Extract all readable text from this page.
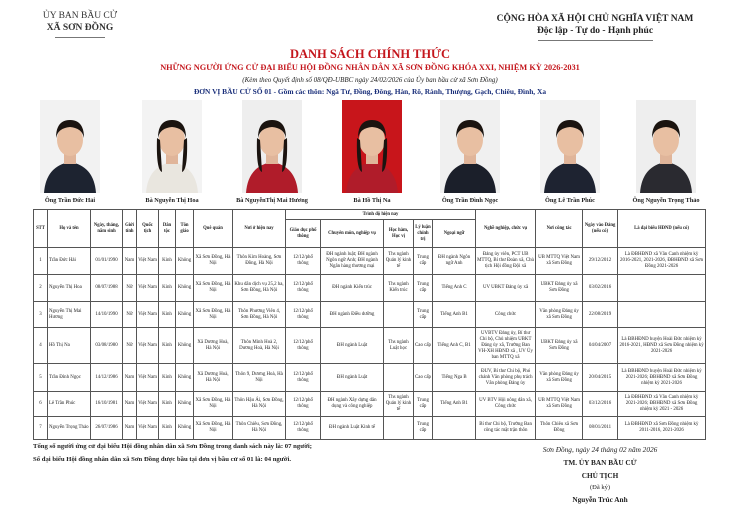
ỦY BAN BẦU CỬ
XÃ SƠN ĐỒNG
CỘNG HÒA XÃ HỘI CHỦ NGHĨA VIỆT NAM
Độc lập - Tự do - Hạnh phúc
DANH SÁCH CHÍNH THỨC
NHỮNG NGƯỜI ỨNG CỬ ĐẠI BIỂU HỘI ĐỒNG NHÂN DÂN XÃ SƠN ĐỒNG KHÓA XXI, NHIỆM KỲ 2026-2031
(Kèm theo Quyết định số 08/QĐ-UBBC ngày 24/02/2026 của Ủy ban bầu cử xã Sơn Đồng)
ĐƠN VỊ BẦU CỬ SỐ 01 - Gồm các thôn: Ngã Tư, Đồng, Đông, Hàn, Rô, Rành, Thượng, Gạch, Chiêu, Đình, Xa
Ông Trần Đức Hải	Bà Nguyễn Thị Hoa	Bà NguyễnThị Mai Hương	Bà Hồ Thị Na	Ông Trần Đình Ngọc	Ông Lê Trần Phúc	Ông Nguyễn Trọng Thảo
STT	Họ và tên	Ngày, tháng, năm sinh	Giới tính	Quốc tịch	Dân tộc	Tôn giáo	Quê quán	Nơi ở hiện nay	Trình độ hiện nay					Nghề nghiệp, chức vụ	Nơi công tác	Ngày vào Đảng (nếu có)	Là đại biểu HĐND (nếu có)
									Giáo dục phổ thông	Chuyên môn, nghiệp vụ	Học hàm, Học vị	Lý luận chính trị	Ngoại ngữ				
1	Trần Đức Hải	01/01/1990	Nam	Việt Nam	Kinh	Không	Xã Sơn Đồng, Hà Nội	Thôn Kim Hoàng, Sơn Đồng, Hà Nội	12/12/phổ thông	ĐH ngành luật; ĐH ngành Ngôn ngữ Anh; ĐH ngành Ngân hàng thương mại	Ths ngành Quản lý kinh tế	Trung cấp	ĐH ngành Ngôn ngữ Anh	Đảng ủy viên, PCT UB MTTQ, Bí thư Đoàn xã, Chủ tịch Hội đồng Đội xã	UB MTTQ Việt Nam xã Sơn Đồng	29/12/2012	Là ĐBHĐND xã Vân Canh nhiệm kỳ 2016-2021, 2021-2026, ĐBHĐND xã Sơn Đồng 2021-2026
2	Nguyễn Thị Hoa	08/07/1988	Nữ	Việt Nam	Kinh	Không	Xã Sơn Đồng, Hà Nội	Khu dãn dịch vụ 25,2 ha, Sơn Đồng, Hà Nội	12/12/phổ thông	ĐH ngành Kiến trúc	Ths ngành Kiến trúc	Trung cấp	Tiếng Anh C	UV UBKT Đảng ủy xã	UBKT Đảng ủy xã Sơn Đồng	03/02/2016	
3	Nguyễn Thị Mai Hương	14/10/1990	Nữ	Việt Nam	Kinh	Không	Xã Sơn Đồng, Hà Nội	Thôn Phương Viên 4, Sơn Đồng, Hà Nội	12/12/phổ thông	ĐH ngành Điều dưỡng		Trung cấp	Tiếng Anh B1	Công chức	Văn phòng Đảng ủy xã Sơn Đồng	22/08/2019	
4	Hồ Thị Na	03/08/1980	Nữ	Việt Nam	Kinh	Không	Xã Dương Hoà, Hà Nội	Thôn Minh Hoà 2, Dương Hoà, Hà Nội	12/12/phổ thông	ĐH ngành Luật	Ths ngành Luật học	Cao cấp	Tiếng Anh C, B1	UVBTV Đảng ủy, Bí thư Chi bộ, Chủ nhiệm UBKT Đảng ủy xã, Trưởng Ban VH-XH HĐND xã , UV Ủy ban MTTQ xã	UBKT Đảng ủy xã Sơn Đồng	04/04/2007	Là ĐBHĐND huyện Hoài Đức nhiệm kỳ 2016-2021, HĐND xã Sơn Đồng nhiệm kỳ 2021-2026
5	Trần Đình Ngọc	14/12/1986	Nam	Việt Nam	Kinh	Không	Xã Dương Hoà, Hà Nội	Thôn 9, Dương Hoà, Hà Nội	12/12/phổ thông	ĐH ngành Luật		Cao cấp	Tiếng Nga B	ĐUV, Bí thư Chi bộ, Phó chánh Văn phòng phụ trách Văn phòng Đảng ủy	Văn phòng Đảng ủy xã Sơn Đồng	20/04/2015	Là ĐBHĐND huyện Hoài Đức nhiệm kỳ 2021-2026; ĐBHĐND xã Sơn Đồng nhiệm kỳ 2021-2026
6	Lê Trần Phúc	16/10/1981	Nam	Việt Nam	Kinh	Không	Xã Sơn Đồng, Hà Nội	Thôn Hậu Ái, Sơn Đồng, Hà Nội	12/12/phổ thông	ĐH ngành Xây dựng dân dụng và công nghiệp	Ths ngành Quản lý kinh tế	Trung cấp	Tiếng Anh B1	UV BTV Hội nông dân xã, Công chức	UB MTTQ Việt Nam xã Sơn Đồng	03/12/2016	Là ĐBHĐND xã Vân Canh nhiệm kỳ 2021-2026; ĐBHĐND xã Sơn Đồng nhiệm kỳ 2021 - 2026
7	Nguyễn Trọng Thảo	26/07/1986	Nam	Việt Nam	Kinh	Không	Xã Sơn Đồng, Hà Nội	Thôn Chiêu, Sơn Đồng, Hà Nội	12/12/phổ thông	ĐH ngành Luật Kinh tế		Trung cấp		Bí thư Chi bộ, Trưởng Ban công tác mặt trận thôn	Thôn Chiêu xã Sơn Đồng	08/01/2011	Là ĐBHĐND xã Sơn Đồng nhiệm kỳ 2011-2016, 2021-2026
Tổng số người ứng cử đại biểu Hội đồng nhân dân xã Sơn Đồng trong danh sách này là: 07 người;
Số đại biểu Hội đồng nhân dân xã Sơn Đồng được bầu tại đơn vị bầu cử số 01 là: 04 người.
Sơn Đồng, ngày 24 tháng 02 năm 2026
TM. ỦY BAN BẦU CỬ
CHỦ TỊCH
(Đã ký)
Nguyễn Trúc Anh
